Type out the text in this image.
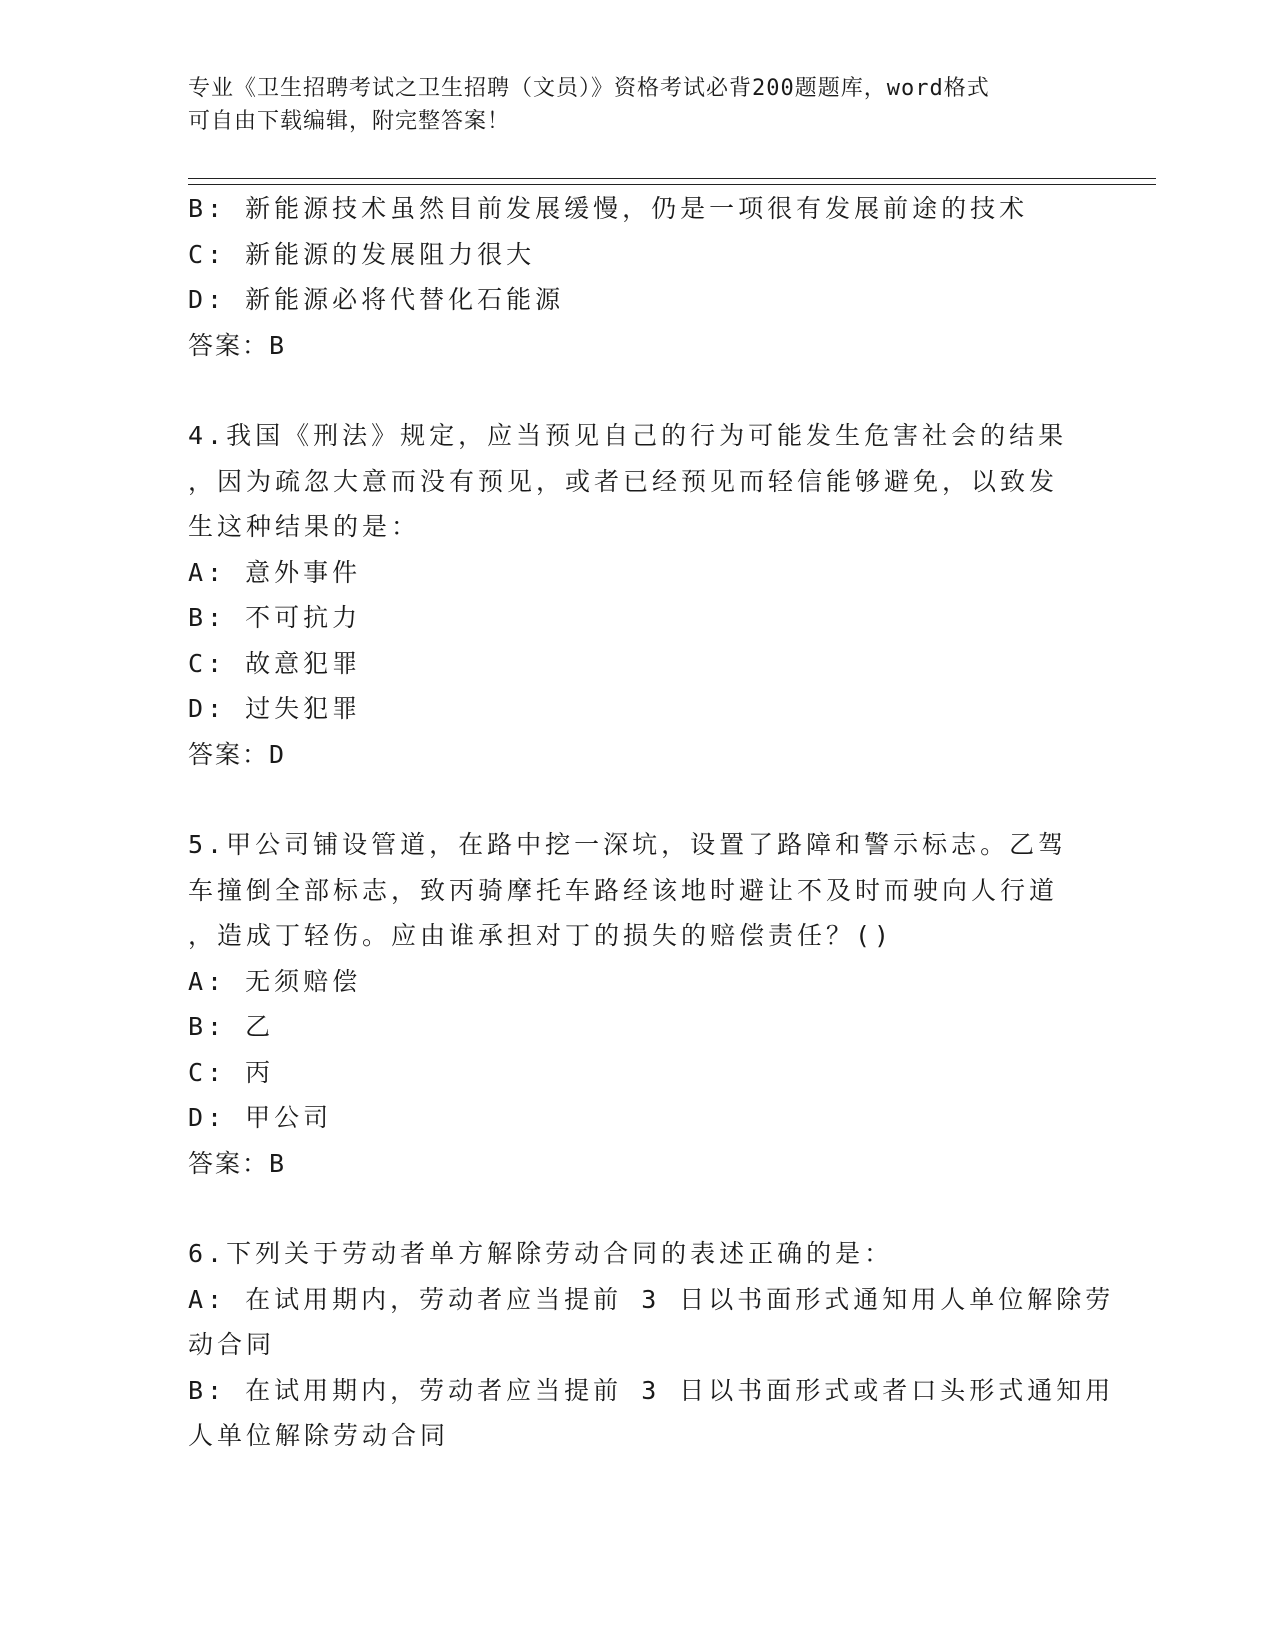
专业《卫生招聘考试之卫生招聘（文员）》资格考试必背200题题库，word格式
可自由下载编辑，附完整答案！
B: 新能源技术虽然目前发展缓慢，仍是一项很有发展前途的技术
C: 新能源的发展阻力很大
D: 新能源必将代替化石能源
答案：B
4.我国《刑法》规定，应当预见自己的行为可能发生危害社会的结果
，因为疏忽大意而没有预见，或者已经预见而轻信能够避免，以致发
生这种结果的是：
A: 意外事件
B: 不可抗力
C: 故意犯罪
D: 过失犯罪
答案：D
5.甲公司铺设管道，在路中挖一深坑，设置了路障和警示标志。乙驾
车撞倒全部标志，致丙骑摩托车路经该地时避让不及时而驶向人行道
，造成丁轻伤。应由谁承担对丁的损失的赔偿责任？()
A: 无须赔偿
B: 乙
C: 丙
D: 甲公司
答案：B
6.下列关于劳动者单方解除劳动合同的表述正确的是：
A: 在试用期内，劳动者应当提前 3 日以书面形式通知用人单位解除劳
动合同
B: 在试用期内，劳动者应当提前 3 日以书面形式或者口头形式通知用
人单位解除劳动合同
